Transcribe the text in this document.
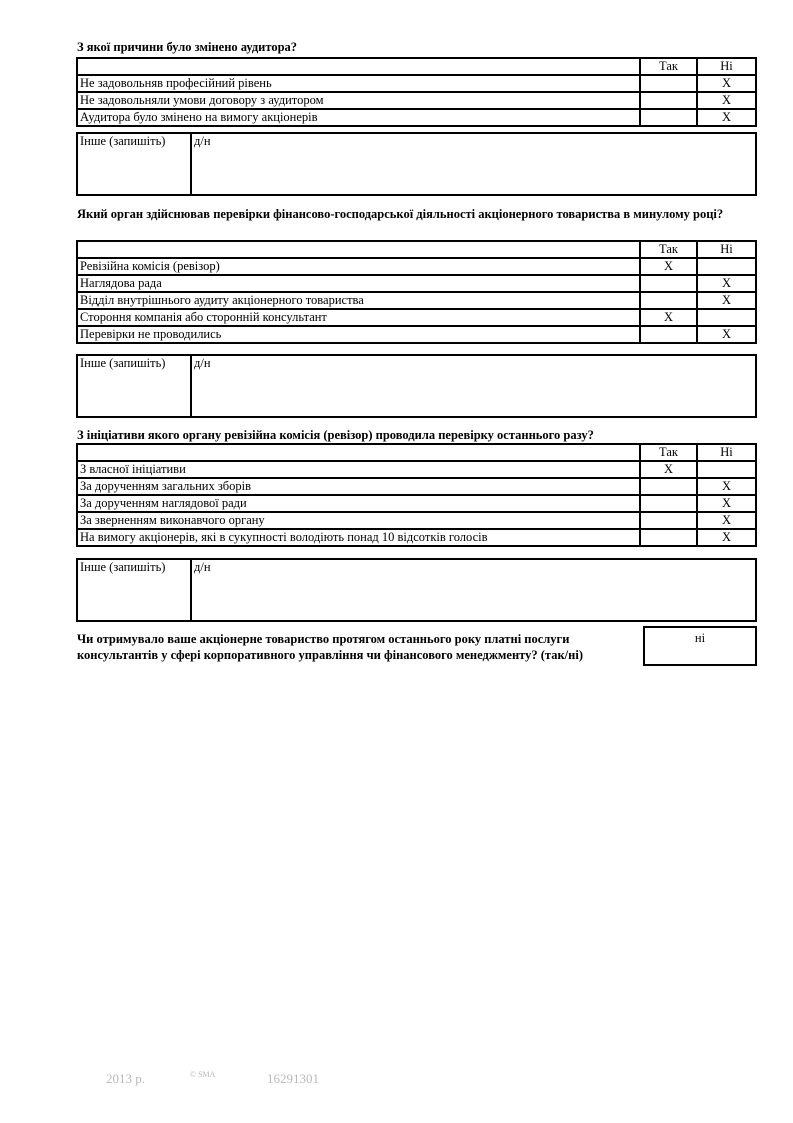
З якої причини було змінено аудитора?
	Так	Ні
Не задовольняв професійний рівень		X
Не задовольняли умови договору з аудитором		X
Аудитора було змінено на вимогу акціонерів		X
Інше (запишіть)	д/н
Який орган здійснював перевірки фінансово-господарської діяльності акціонерного товариства в минулому році?
	Так	Ні
Ревізійна комісія (ревізор)	X	
Наглядова рада		X
Відділ внутрішнього аудиту акціонерного товариства		X
Стороння компанія або сторонній консультант	X	
Перевірки не проводились		X
Інше (запишіть)	д/н
З ініціативи якого органу ревізійна комісія (ревізор) проводила перевірку останнього разу?
	Так	Ні
З власної ініціативи	X	
За дорученням загальних зборів		X
За дорученням наглядової ради		X
За зверненням виконавчого органу		X
На вимогу акціонерів, які в сукупності володіють понад 10 відсотків голосів		X
Інше (запишіть)	д/н
Чи отримувало ваше акціонерне товариство протягом останнього року платні послуги консультантів у сфері корпоративного управління чи фінансового менеджменту? (так/ні)
ні
2013 р.	© SMA	16291301
